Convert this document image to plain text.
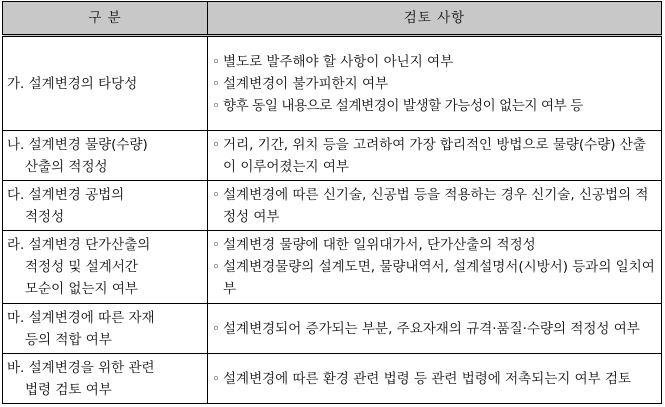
구 분	검토 사항

가. 설계변경의 타당성	◦ 별도로 발주해야 할 사항이 아닌지 여부
◦ 설계변경이 불가피한지 여부
◦ 향후 동일 내용으로 설계변경이 발생할 가능성이 없는지 여부 등

나. 설계변경 물량(수량)
산출의 적정성	◦ 거리, 기간, 위치 등을 고려하여 가장 합리적인 방법으로 물량(수량) 산출이 이루어졌는지 여부

다. 설계변경 공법의
적정성	◦ 설계변경에 따른 신기술, 신공법 등을 적용하는 경우 신기술, 신공법의 적정성 여부

라. 설계변경 단가산출의
적정성 및 설계서간
모순이 없는지 여부	◦ 설계변경 물량에 대한 일위대가서, 단가산출의 적정성
◦ 설계변경물량의 설계도면, 물량내역서, 설계설명서(시방서) 등과의 일치여부

마. 설계변경에 따른 자재
등의 적합 여부	◦ 설계변경되어 증가되는 부분, 주요자재의 규격·품질·수량의 적정성 여부

바. 설계변경을 위한 관련
법령 검토 여부	◦ 설계변경에 따른 환경 관련 법령 등 관련 법령에 저촉되는지 여부 검토
